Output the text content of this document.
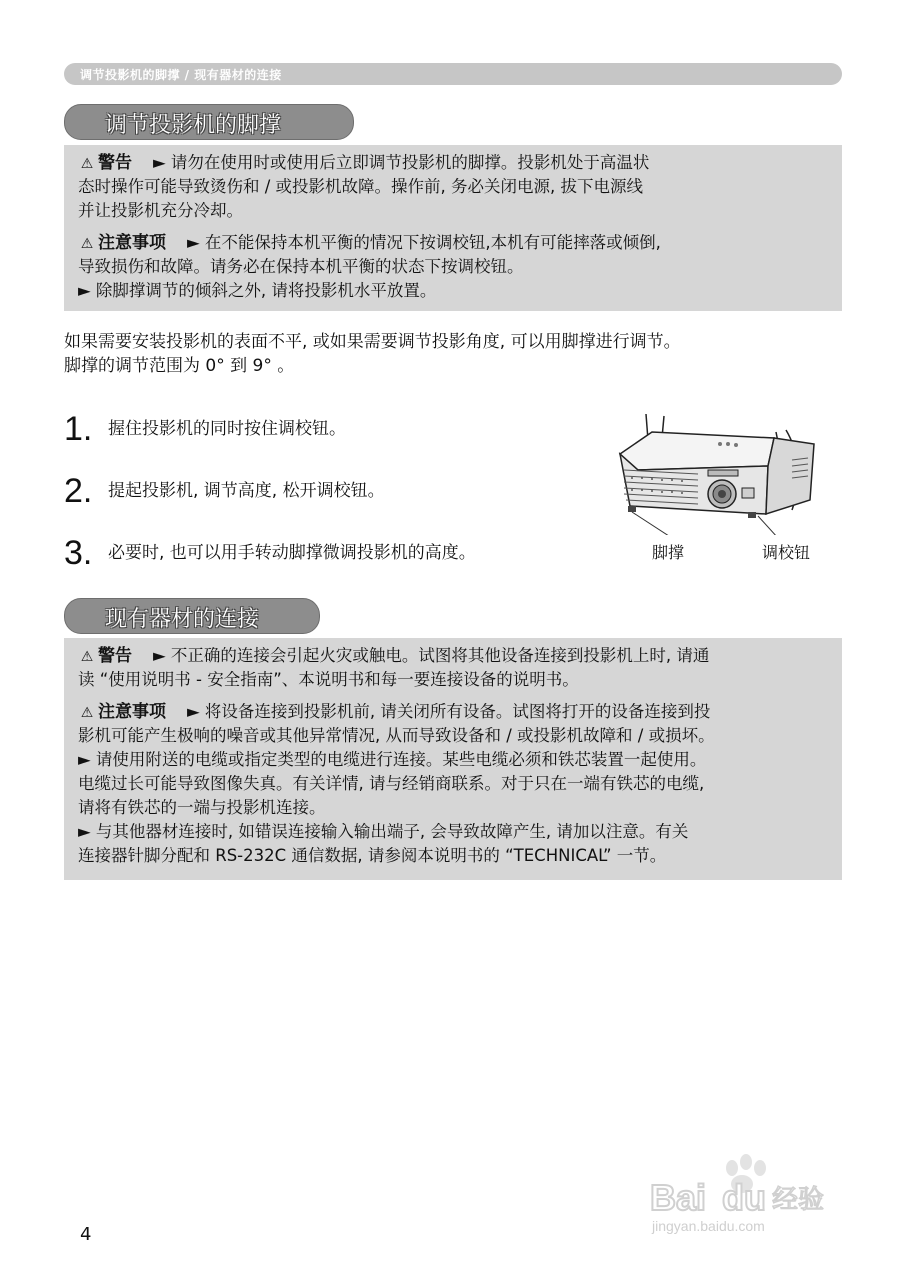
调节投影机的脚撑 / 现有器材的连接
调节投影机的脚撑

⚠ 警告 ► 请勿在使用时或使用后立即调节投影机的脚撑。投影机处于高温状

态时操作可能导致烫伤和 / 或投影机故障。操作前, 务必关闭电源, 拔下电源线

并让投影机充分冷却。

⚠ 注意事项 ► 在不能保持本机平衡的情况下按调校钮,本机有可能摔落或倾倒,

导致损伤和故障。请务必在保持本机平衡的状态下按调校钮。

► 除脚撑调节的倾斜之外, 请将投影机水平放置。

如果需要安装投影机的表面不平, 或如果需要调节投影角度, 可以用脚撑进行调节。

脚撑的调节范围为 0° 到 9° 。

1. 握住投影机的同时按住调校钮。
2. 提起投影机, 调节高度, 松开调校钮。
3. 必要时, 也可以用手转动脚撑微调投影机的高度。	脚撑	调校钮
现有器材的连接

⚠ 警告 ► 不正确的连接会引起火灾或触电。试图将其他设备连接到投影机上时, 请通

读 “使用说明书 - 安全指南”、本说明书和每一要连接设备的说明书。

⚠ 注意事项 ► 将设备连接到投影机前, 请关闭所有设备。试图将打开的设备连接到投

影机可能产生极响的噪音或其他异常情况, 从而导致设备和 / 或投影机故障和 / 或损坏。

► 请使用附送的电缆或指定类型的电缆进行连接。某些电缆必须和铁芯装置一起使用。

电缆过长可能导致图像失真。有关详情, 请与经销商联系。对于只在一端有铁芯的电缆,

请将有铁芯的一端与投影机连接。

► 与其他器材连接时, 如错误连接输入输出端子, 会导致故障产生, 请加以注意。有关

连接器针脚分配和 RS-232C 通信数据, 请参阅本说明书的 “TECHNICAL” 一节。

4
Bai du 经验
jingyan.baidu.com
